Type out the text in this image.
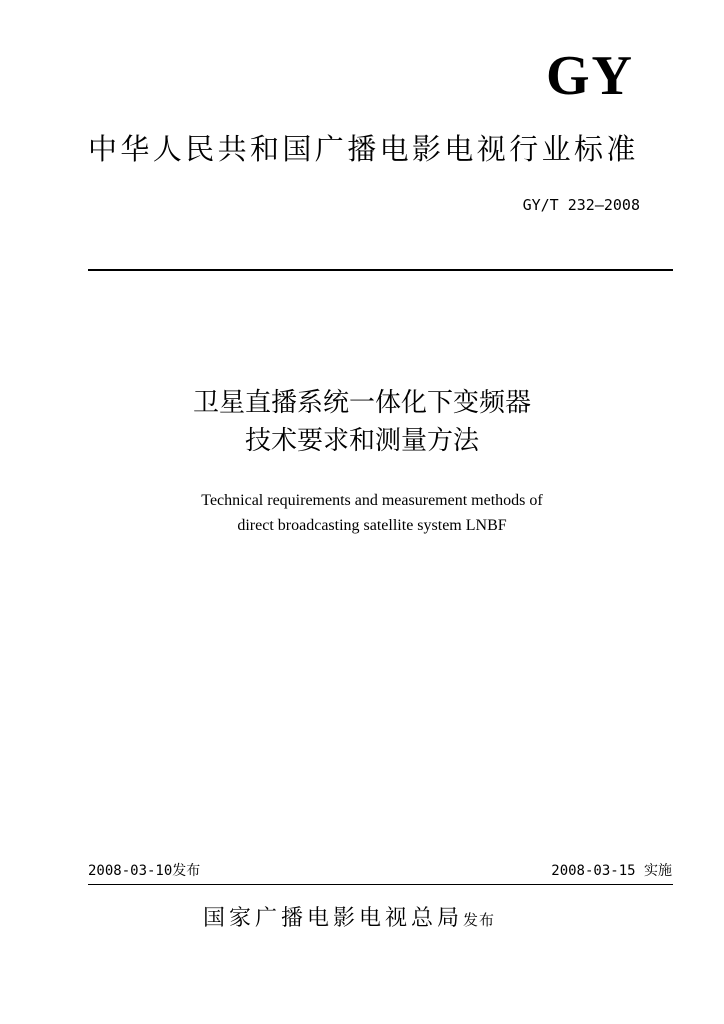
GY
中华人民共和国广播电影电视行业标准
GY/T 232—2008
卫星直播系统一体化下变频器
技术要求和测量方法
Technical requirements and measurement methods of
direct broadcasting satellite system LNBF
2008-03-10发布	2008-03-15 实施
国家广播电影电视总局发布
